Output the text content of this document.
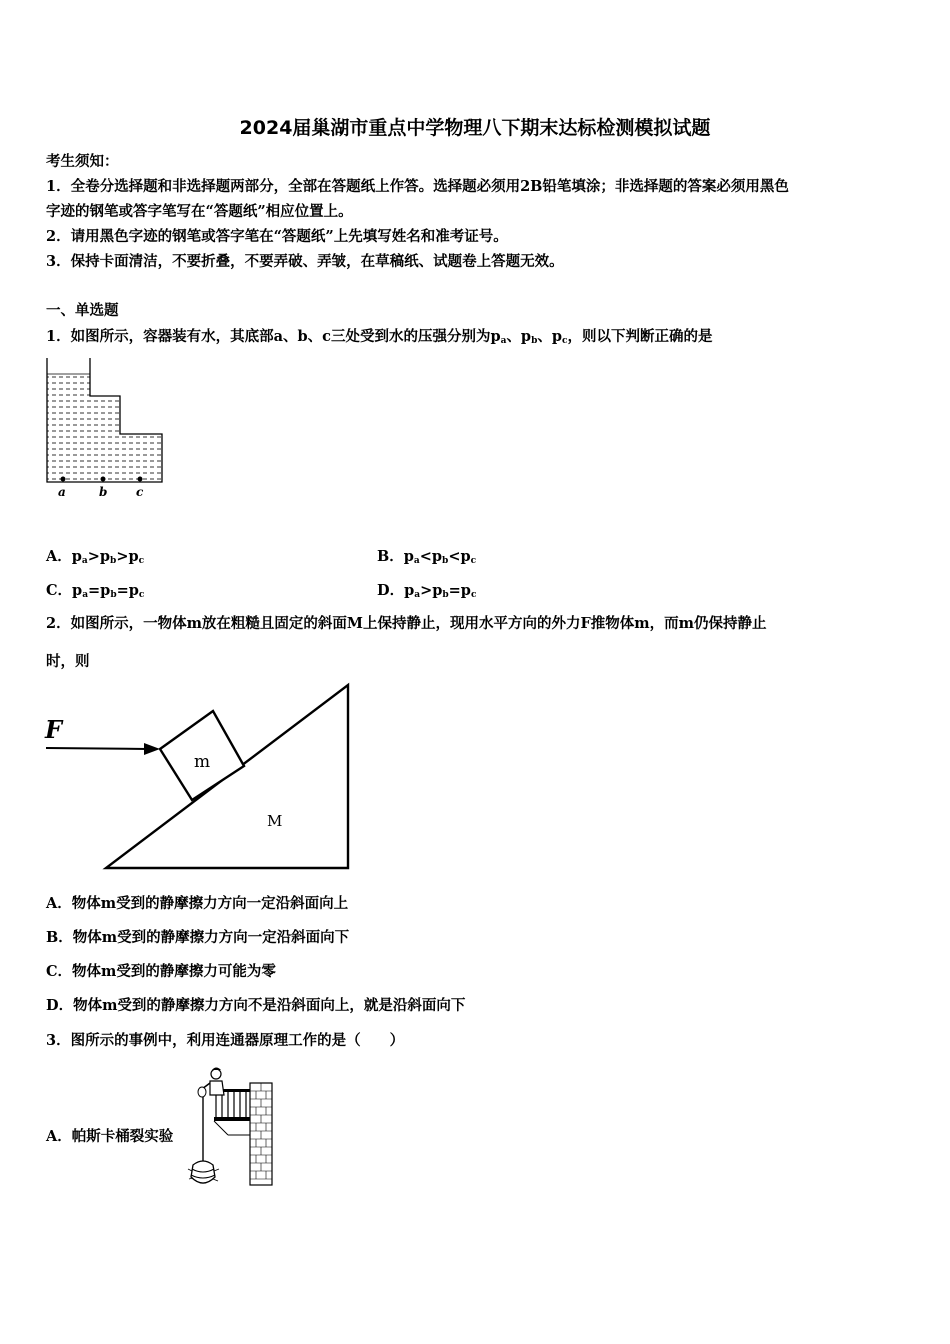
2024届巢湖市重点中学物理八下期末达标检测模拟试题
考生须知：
1．全卷分选择题和非选择题两部分，全部在答题纸上作答。选择题必须用2B铅笔填涂；非选择题的答案必须用黑色
字迹的钢笔或答字笔写在“答题纸”相应位置上。
2．请用黑色字迹的钢笔或答字笔在“答题纸”上先填写姓名和准考证号。
3．保持卡面清洁，不要折叠，不要弄破、弄皱，在草稿纸、试题卷上答题无效。
一、单选题
1．如图所示，容器装有水，其底部a、b、c三处受到水的压强分别为$p_a$、$p_b$、$p_c$，则以下判断正确的是
a	b c
A．$p_a>p_b>p_c$	B．$p_a<p_b<p_c$
C．$p_a=p_b=p_c$	D．$p_a>p_b=p_c$
2．如图所示，一物体m放在粗糙且固定的斜面M上保持静止，现用水平方向的外力F推物体m，而m仍保持静止
时，则
F
m
M
A．物体m受到的静摩擦力方向一定沿斜面向上
B．物体m受到的静摩擦力方向一定沿斜面向下
C．物体m受到的静摩擦力可能为零
D．物体m受到的静摩擦力方向不是沿斜面向上，就是沿斜面向下
3．图所示的事例中，利用连通器原理工作的是（　　）
A．帕斯卡桶裂实验
